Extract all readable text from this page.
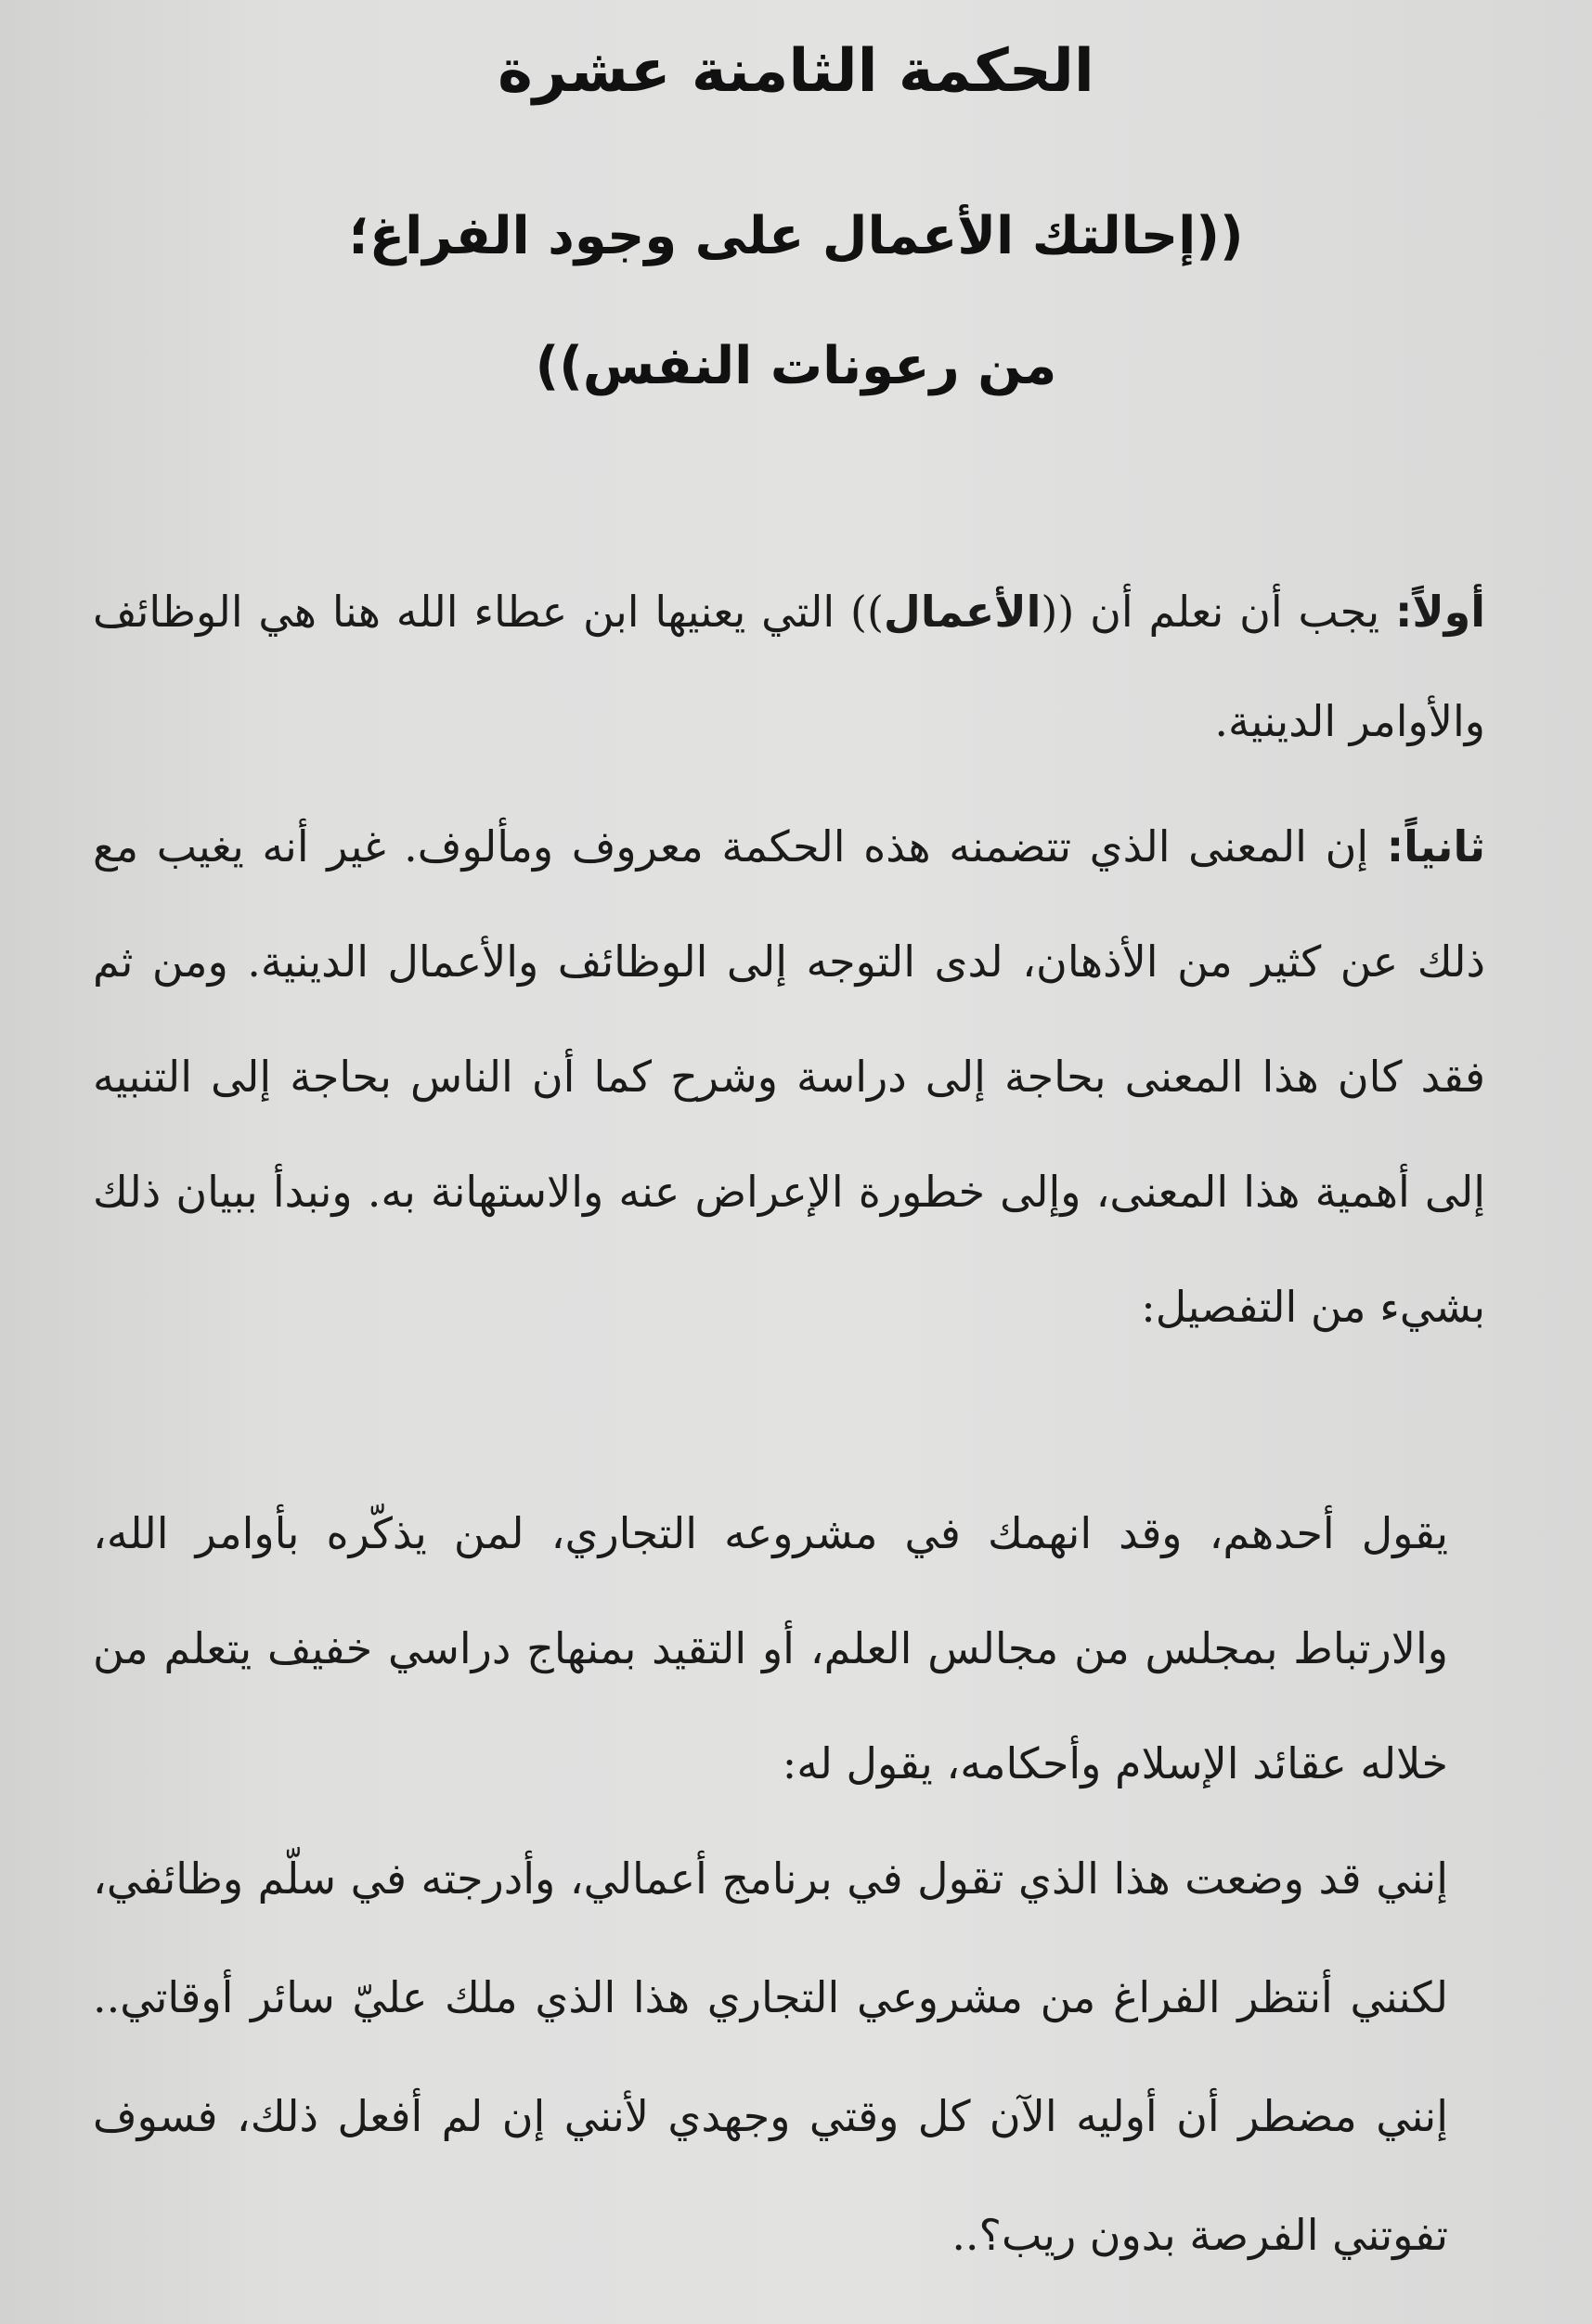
الحكمة الثامنة عشرة
((إحالتك الأعمال على وجود الفراغ؛
من رعونات النفس))
أولاً: يجب أن نعلم أن ((الأعمال)) التي يعنيها ابن عطاء الله هنا هي الوظائف والأوامر الدينية.
ثانياً: إن المعنى الذي تتضمنه هذه الحكمة معروف ومألوف. غير أنه يغيب مع ذلك عن كثير من الأذهان، لدى التوجه إلى الوظائف والأعمال الدينية. ومن ثم فقد كان هذا المعنى بحاجة إلى دراسة وشرح كما أن الناس بحاجة إلى التنبيه إلى أهمية هذا المعنى، وإلى خطورة الإعراض عنه والاستهانة به. ونبدأ ببيان ذلك بشيء من التفصيل:
يقول أحدهم، وقد انهمك في مشروعه التجاري، لمن يذكّره بأوامر الله، والارتباط بمجلس من مجالس العلم، أو التقيد بمنهاج دراسي خفيف يتعلم من خلاله عقائد الإسلام وأحكامه، يقول له:
إنني قد وضعت هذا الذي تقول في برنامج أعمالي، وأدرجته في سلّم وظائفي، لكنني أنتظر الفراغ من مشروعي التجاري هذا الذي ملك عليّ سائر أوقاتي.. إنني مضطر أن أوليه الآن كل وقتي وجهدي لأنني إن لم أفعل ذلك، فسوف تفوتني الفرصة بدون ريب؟..
